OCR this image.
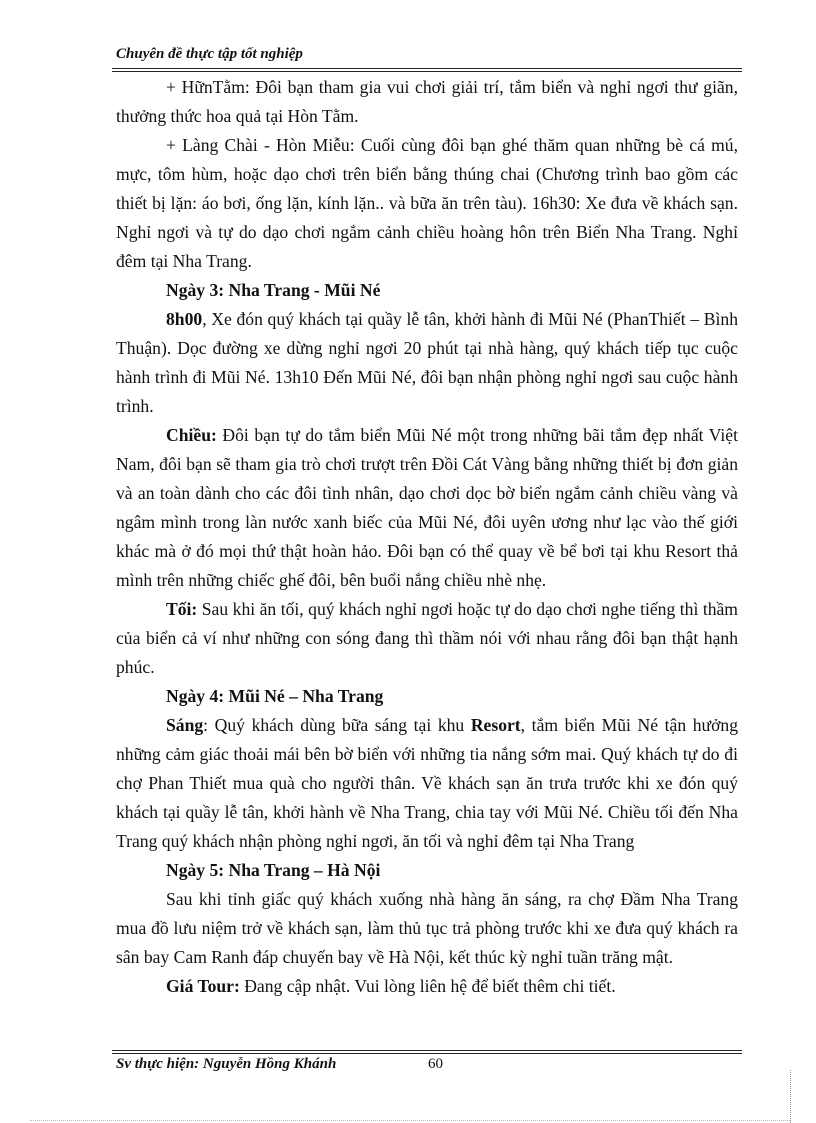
Chuyên đề thực tập tốt nghiệp

+ HữnTằm: Đôi bạn tham gia vui chơi giải trí, tắm biển và nghỉ ngơi thư giãn, thưởng thức hoa quả tại Hòn Tằm.

+ Làng Chài - Hòn Miễu: Cuối cùng đôi bạn ghé thăm quan những bè cá mú, mực, tôm hùm, hoặc dạo chơi trên biển bằng thúng chai (Chương trình bao gồm các thiết bị lặn: áo bơi, ống lặn, kính lặn.. và bữa ăn trên tàu). 16h30: Xe đưa về khách sạn. Nghỉ ngơi và tự do dạo chơi ngắm cảnh chiều hoàng hôn trên Biển Nha Trang. Nghỉ đêm tại Nha Trang.

Ngày 3: Nha Trang - Mũi Né

8h00, Xe đón quý khách tại quầy lễ tân, khởi hành đi Mũi Né (PhanThiết – Bình Thuận). Dọc đường xe dừng nghỉ ngơi 20 phút tại nhà hàng, quý khách tiếp tục cuộc hành trình đi Mũi Né. 13h10 Đến Mũi Né, đôi bạn nhận phòng nghỉ ngơi sau cuộc hành trình.

Chiều: Đôi bạn tự do tắm biển Mũi Né một trong những bãi tắm đẹp nhất Việt Nam, đôi bạn sẽ tham gia trò chơi trượt trên Đồi Cát Vàng bằng những thiết bị đơn giản và an toàn dành cho các đôi tình nhân, dạo chơi dọc bờ biển ngắm cảnh chiều vàng và ngâm mình trong làn nước xanh biếc của Mũi Né, đôi uyên ương như lạc vào thế giới khác mà ở đó mọi thứ thật hoàn hảo. Đôi bạn có thể quay về bể bơi tại khu Resort thả mình trên những chiếc ghế đôi, bên buổi nắng chiều nhè nhẹ.

Tối: Sau khi ăn tối, quý khách nghỉ ngơi hoặc tự do dạo chơi nghe tiếng thì thầm của biển cả ví như những con sóng đang thì thầm nói với nhau rằng đôi bạn thật hạnh phúc.

Ngày 4: Mũi Né – Nha Trang

Sáng: Quý khách dùng bữa sáng tại khu Resort, tắm biển Mũi Né tận hưởng những cảm giác thoải mái bên bờ biển với những tia nắng sớm mai. Quý khách tự do đi chợ Phan Thiết mua quà cho người thân. Về khách sạn ăn trưa trước khi xe đón quý khách tại quầy lễ tân, khởi hành về Nha Trang, chia tay với Mũi Né. Chiều tối đến Nha Trang quý khách nhận phòng nghỉ ngơi, ăn tối và nghỉ đêm tại Nha Trang

Ngày 5: Nha Trang – Hà Nội

Sau khi tỉnh giấc quý khách xuống nhà hàng ăn sáng, ra chợ Đầm Nha Trang mua đồ lưu niệm trở về khách sạn, làm thủ tục trả phòng trước khi xe đưa quý khách ra sân bay Cam Ranh đáp chuyến bay về Hà Nội, kết thúc kỳ nghỉ tuần trăng mật.

Giá Tour: Đang cập nhật. Vui lòng liên hệ để biết thêm chi tiết.

Sv thực hiện: Nguyễn Hồng Khánh	60
